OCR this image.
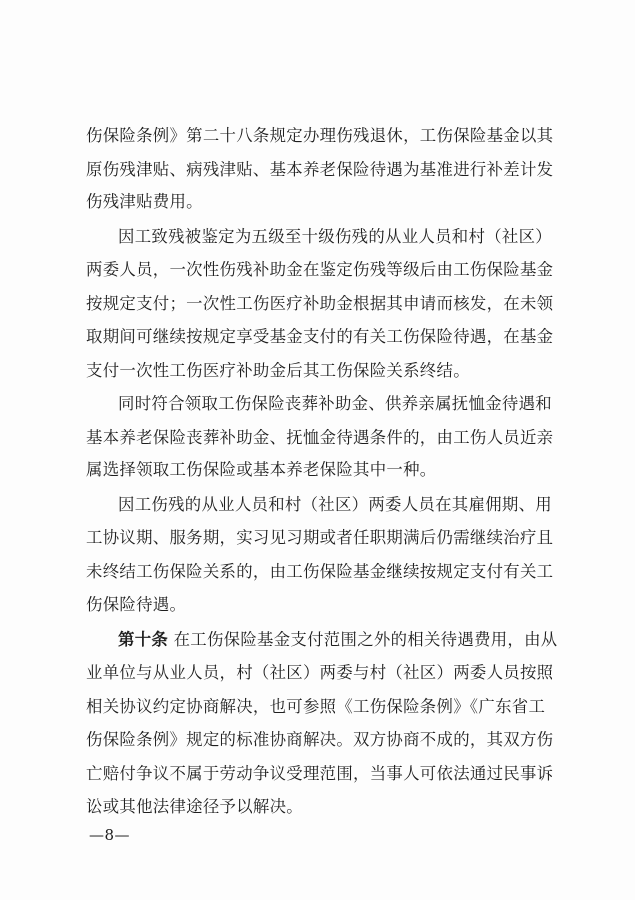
伤保险条例》第二十八条规定办理伤残退休，工伤保险基金以其

原伤残津贴、病残津贴、基本养老保险待遇为基准进行补差计发

伤残津贴费用。

因工致残被鉴定为五级至十级伤残的从业人员和村（社区）

两委人员，一次性伤残补助金在鉴定伤残等级后由工伤保险基金

按规定支付；一次性工伤医疗补助金根据其申请而核发，在未领

取期间可继续按规定享受基金支付的有关工伤保险待遇，在基金

支付一次性工伤医疗补助金后其工伤保险关系终结。

同时符合领取工伤保险丧葬补助金、供养亲属抚恤金待遇和

基本养老保险丧葬补助金、抚恤金待遇条件的，由工伤人员近亲

属选择领取工伤保险或基本养老保险其中一种。

因工伤残的从业人员和村（社区）两委人员在其雇佣期、用

工协议期、服务期，实习见习期或者任职期满后仍需继续治疗且

未终结工伤保险关系的，由工伤保险基金继续按规定支付有关工

伤保险待遇。

第十条 在工伤保险基金支付范围之外的相关待遇费用，由从

业单位与从业人员，村（社区）两委与村（社区）两委人员按照

相关协议约定协商解决，也可参照《工伤保险条例》《广东省工

伤保险条例》规定的标准协商解决。双方协商不成的，其双方伤

亡赔付争议不属于劳动争议受理范围，当事人可依法通过民事诉

讼或其他法律途径予以解决。

—8—
